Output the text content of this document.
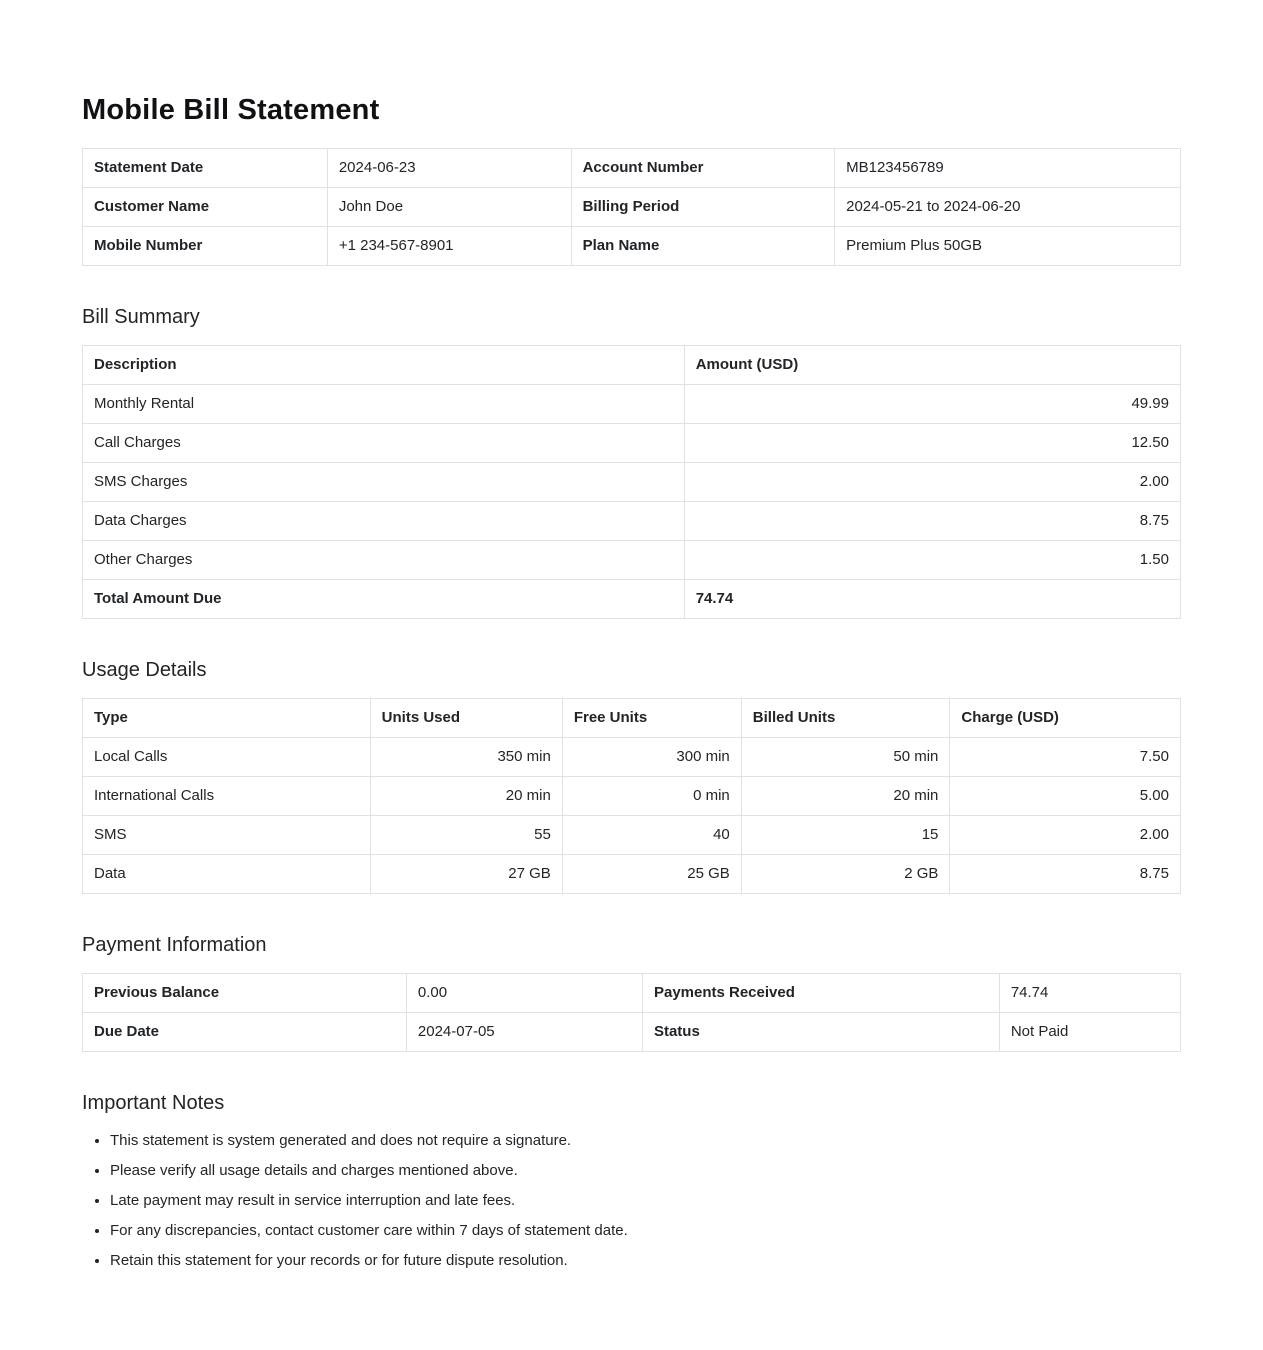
Mobile Bill Statement
Statement Date	2024-06-23	Account Number	MB123456789
Customer Name	John Doe	Billing Period	2024-05-21 to 2024-06-20
Mobile Number	+1 234-567-8901	Plan Name	Premium Plus 50GB
Bill Summary
Description	Amount (USD)
Monthly Rental	49.99
Call Charges	12.50
SMS Charges	2.00
Data Charges	8.75
Other Charges	1.50
Total Amount Due	74.74
Usage Details
Type	Units Used	Free Units	Billed Units	Charge (USD)
Local Calls	350 min	300 min	50 min	7.50
International Calls	20 min	0 min	20 min	5.00
SMS	55	40	15	2.00
Data	27 GB	25 GB	2 GB	8.75
Payment Information
Previous Balance	0.00	Payments Received	74.74
Due Date	2024-07-05	Status	Not Paid
Important Notes
• This statement is system generated and does not require a signature.
• Please verify all usage details and charges mentioned above.
• Late payment may result in service interruption and late fees.
• For any discrepancies, contact customer care within 7 days of statement date.
• Retain this statement for your records or for future dispute resolution.
